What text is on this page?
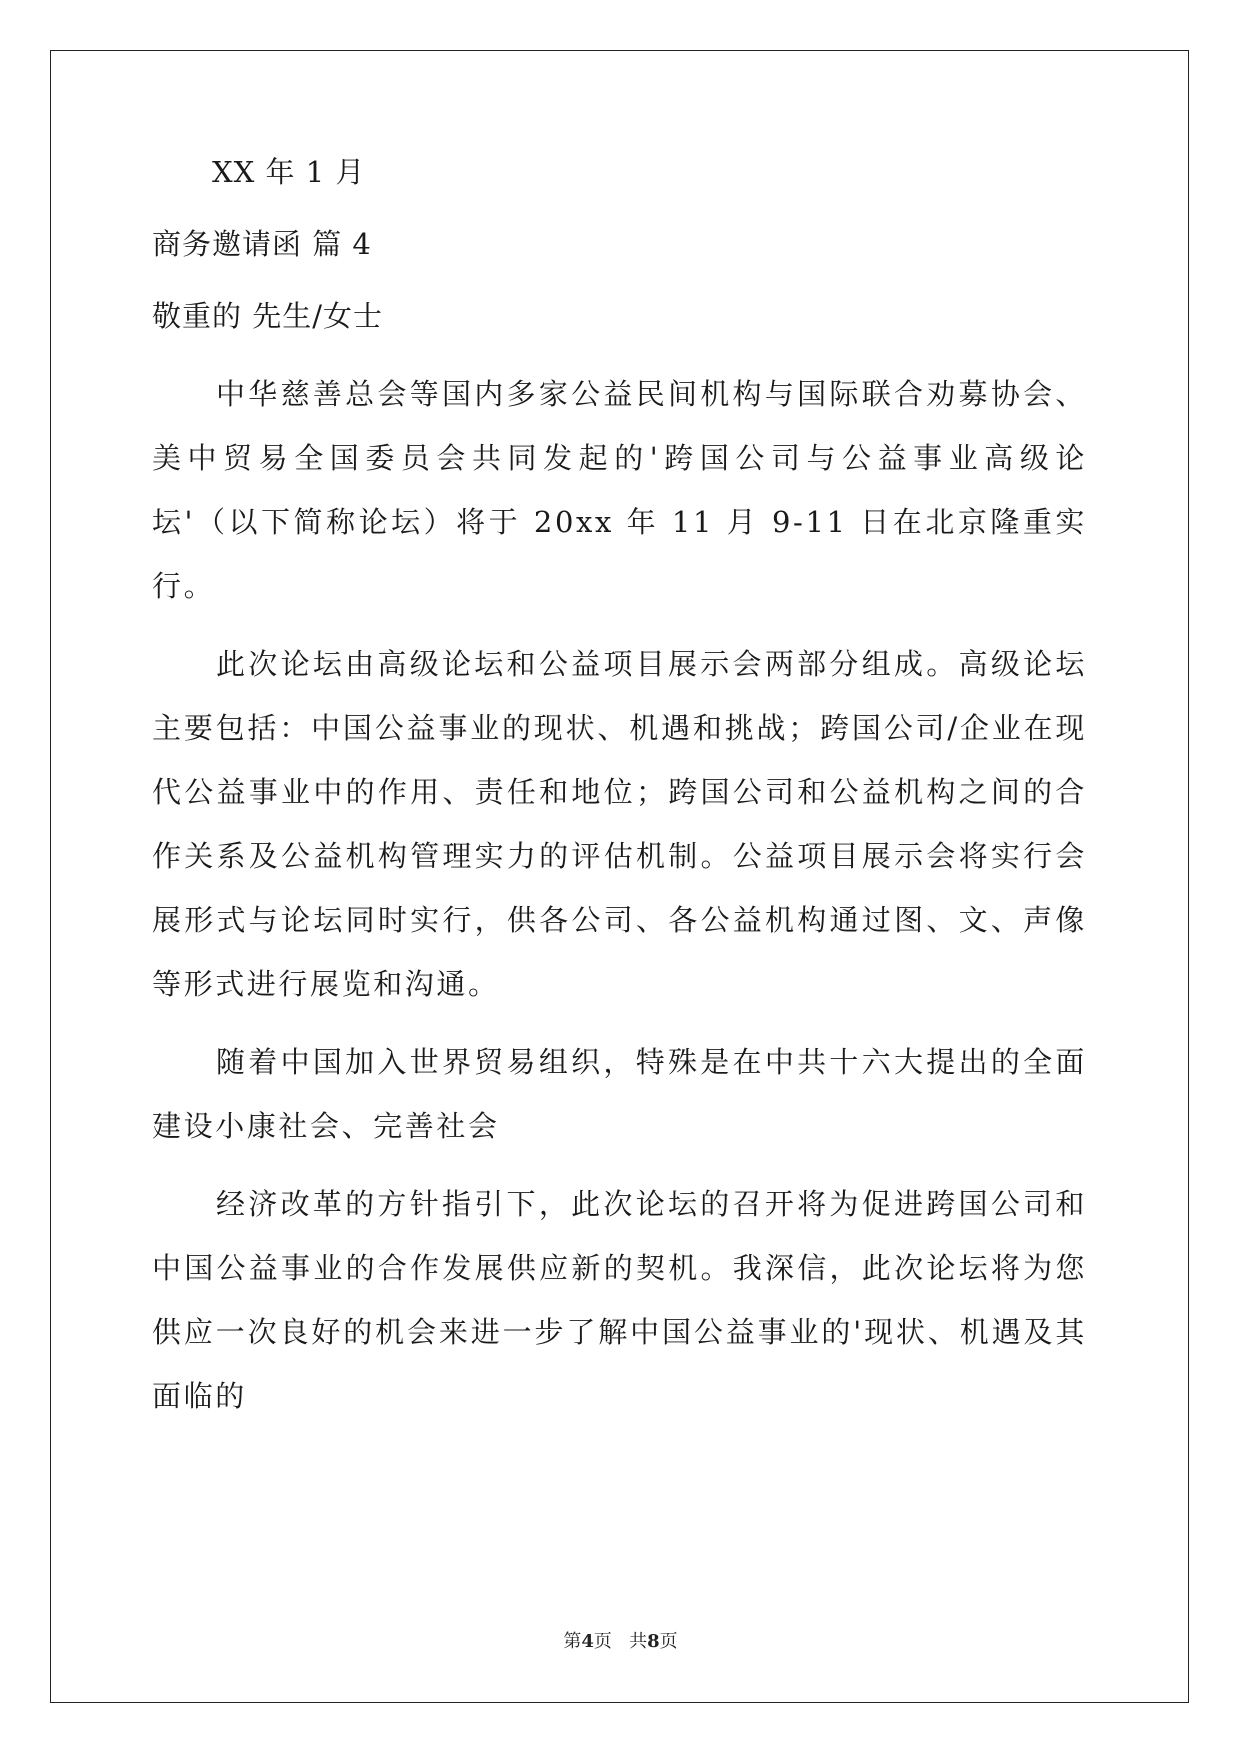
XX 年 1 月
商务邀请函 篇 4
敬重的 先生/女士

中华慈善总会等国内多家公益民间机构与国际联合劝募协会、美中贸易全国委员会共同发起的'跨国公司与公益事业高级论坛'（以下简称论坛）将于 20xx 年 11 月 9-11 日在北京隆重实行。

此次论坛由高级论坛和公益项目展示会两部分组成。高级论坛主要包括：中国公益事业的现状、机遇和挑战；跨国公司/企业在现代公益事业中的作用、责任和地位；跨国公司和公益机构之间的合作关系及公益机构管理实力的评估机制。公益项目展示会将实行会展形式与论坛同时实行，供各公司、各公益机构通过图、文、声像等形式进行展览和沟通。

随着中国加入世界贸易组织，特殊是在中共十六大提出的全面建设小康社会、完善社会

经济改革的方针指引下，此次论坛的召开将为促进跨国公司和中国公益事业的合作发展供应新的契机。我深信，此次论坛将为您供应一次良好的机会来进一步了解中国公益事业的'现状、机遇及其面临的

第4页 共8页
